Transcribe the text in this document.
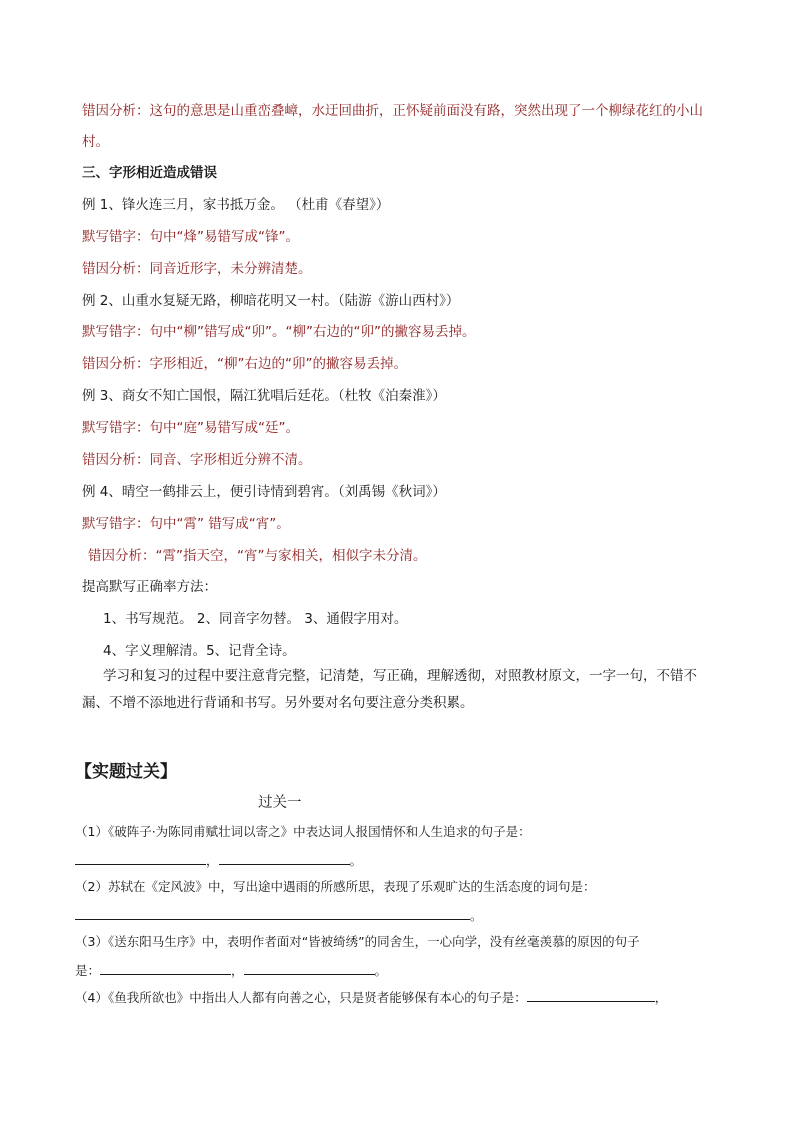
错因分析：这句的意思是山重峦叠嶂，水迂回曲折，正怀疑前面没有路，突然出现了一个柳绿花红的小山
村。
三、字形相近造成错误
例 1、锋火连三月，家书抵万金。 （杜甫《春望》）
默写错字：句中“烽”易错写成“锋”。
错因分析：同音近形字，未分辨清楚。
例 2、山重水复疑无路，柳暗花明又一村。（陆游《游山西村》）
默写错字：句中“柳”错写成“卯”。“柳”右边的“卯”的撇容易丢掉。
错因分析：字形相近，“柳”右边的“卯”的撇容易丢掉。
例 3、商女不知亡国恨，隔江犹唱后廷花。（杜牧《泊秦淮》）
默写错字：句中“庭”易错写成“廷”。
错因分析：同音、字形相近分辨不清。
例 4、晴空一鹤排云上，便引诗情到碧宵。（刘禹锡《秋词》）
默写错字：句中“霄” 错写成“宵”。
错因分析：“霄”指天空，“宵”与家相关，相似字未分清。
提高默写正确率方法：
1、书写规范。 2、同音字勿替。 3、通假字用对。
4、字义理解清。5、记背全诗。
学习和复习的过程中要注意背完整，记清楚，写正确，理解透彻，对照教材原文，一字一句，不错不
漏、不增不添地进行背诵和书写。另外要对名句要注意分类积累。
【实题过关】
过关一
（1）《破阵子·为陈同甫赋壮词以寄之》中表达词人报国情怀和人生追求的句子是：
，	。
（2）苏轼在《定风波》中，写出途中遇雨的所感所思，表现了乐观旷达的生活态度的词句是：
。
（3）《送东阳马生序》中，表明作者面对“皆被绮绣”的同舍生，一心向学，没有丝毫羡慕的原因的句子
是：	，	。
（4）《鱼我所欲也》中指出人人都有向善之心，只是贤者能够保有本心的句子是：	，
